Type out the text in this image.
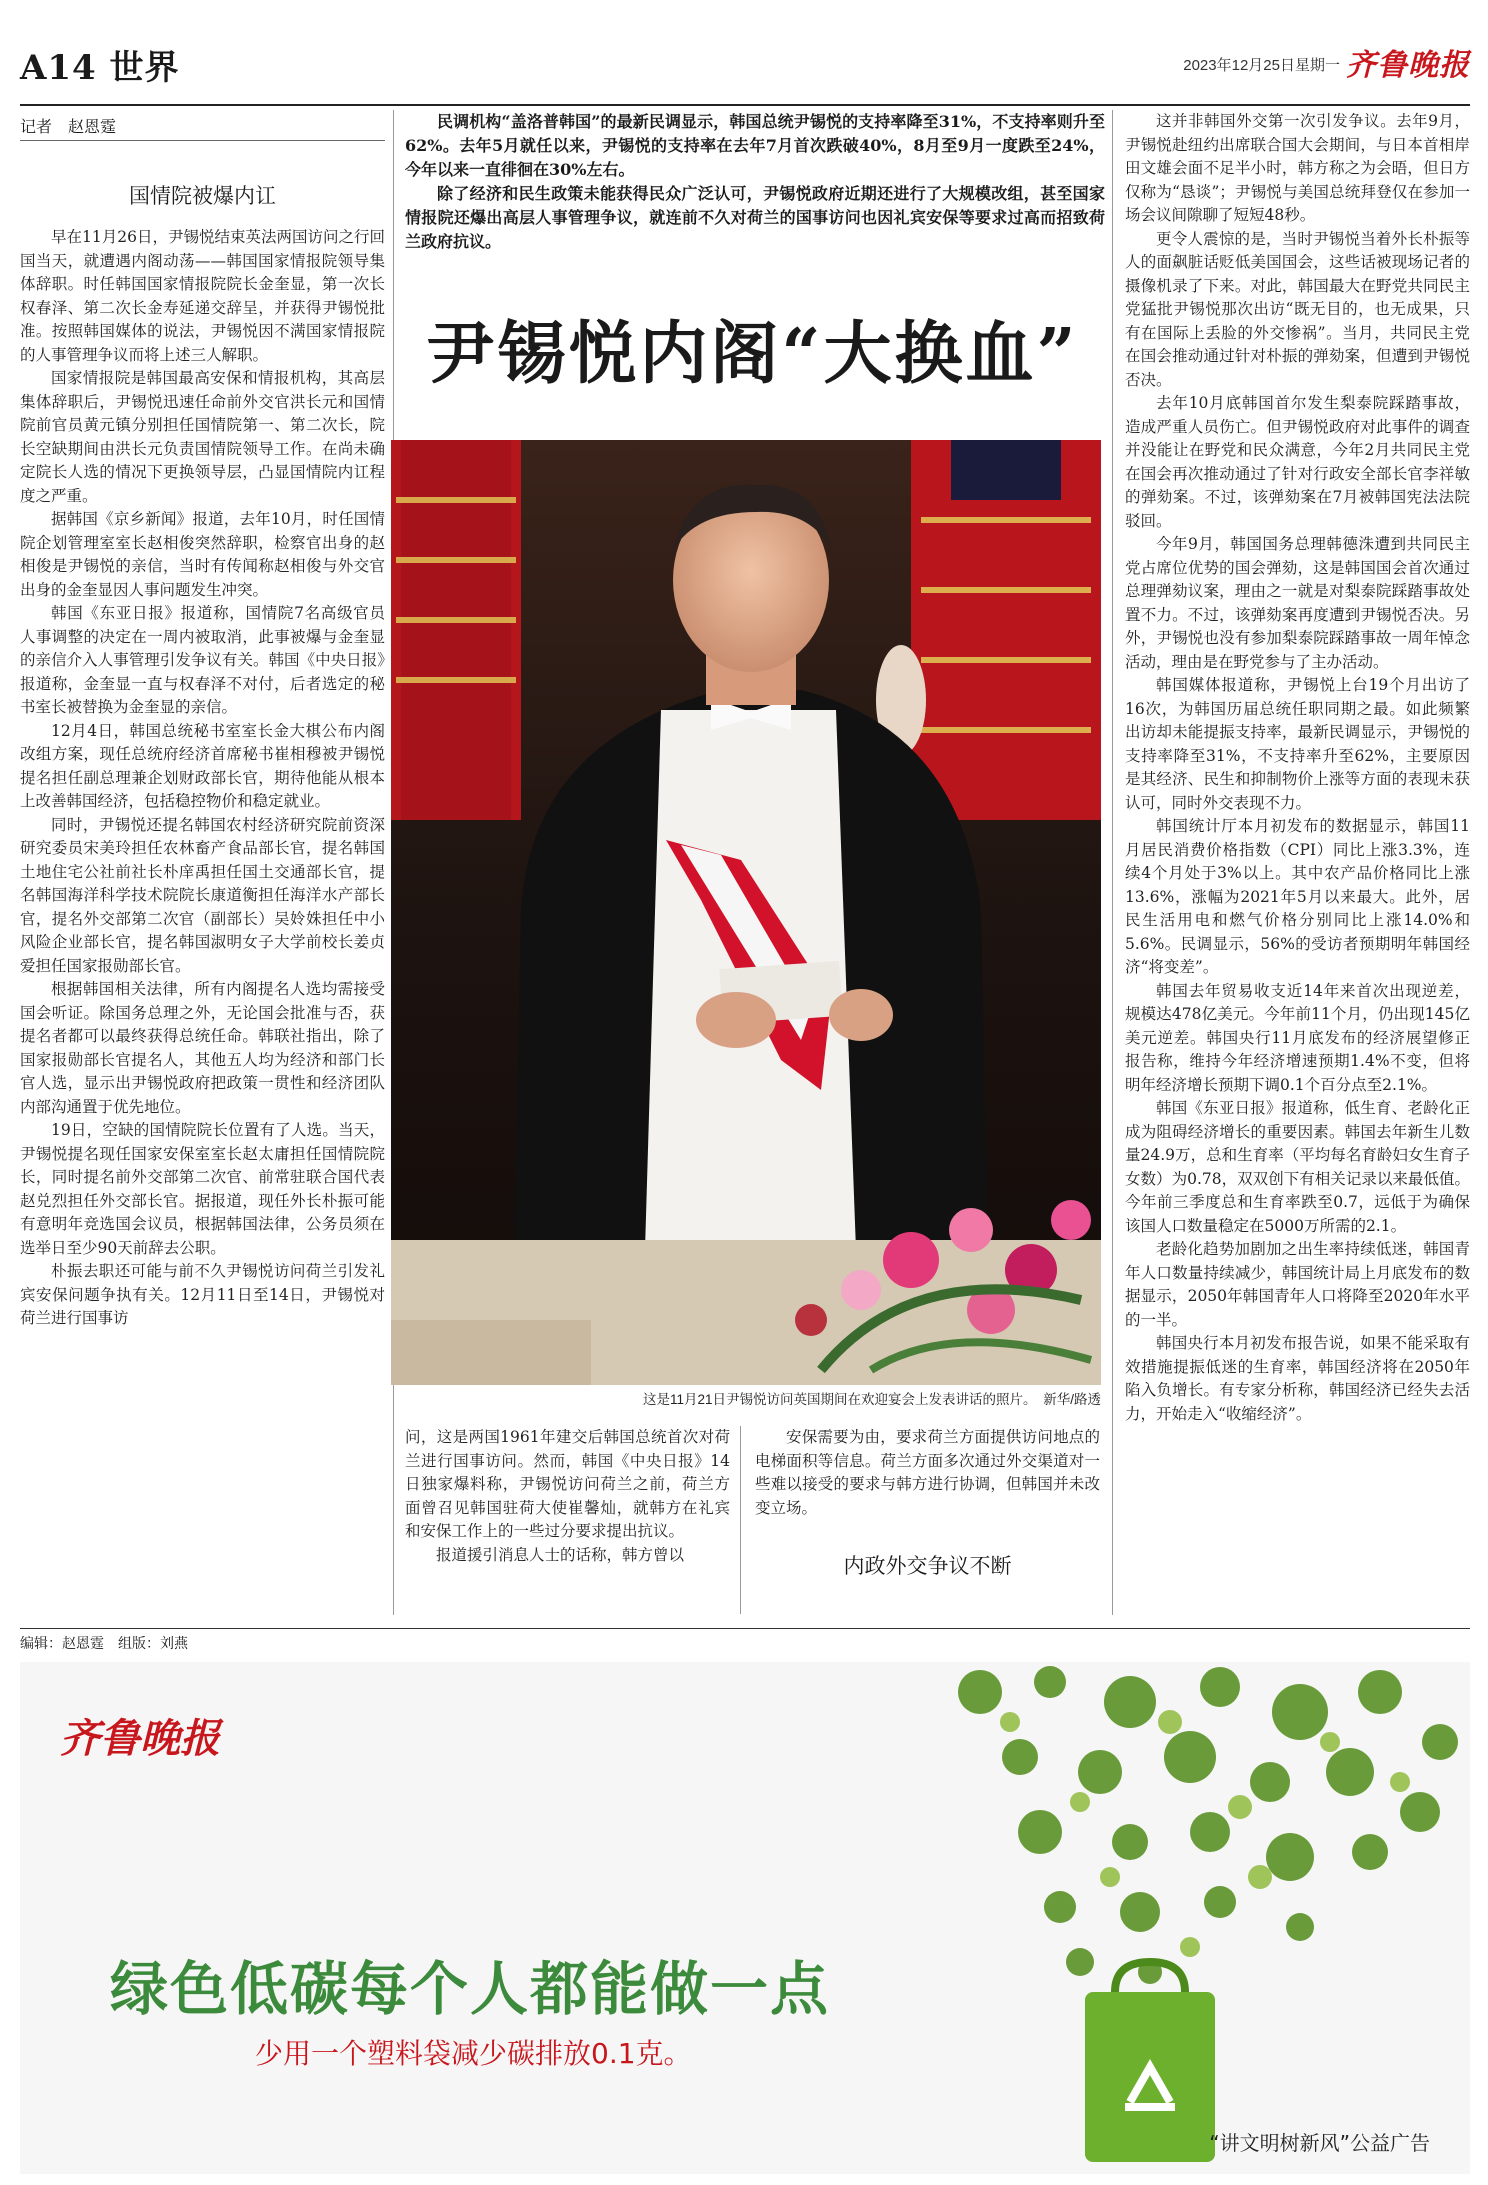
A14 世界	2023年12月25日 星期一 齐鲁晚报
记者　赵恩霆
国情院被爆内讧

早在11月26日，尹锡悦结束英法两国访问之行回国当天，就遭遇内阁动荡——韩国国家情报院领导集体辞职。时任韩国国家情报院院长金奎显，第一次长权春泽、第二次长金寿延递交辞呈，并获得尹锡悦批准。按照韩国媒体的说法，尹锡悦因不满国家情报院的人事管理争议而将上述三人解职。

国家情报院是韩国最高安保和情报机构，其高层集体辞职后，尹锡悦迅速任命前外交官洪长元和国情院前官员黄元镇分别担任国情院第一、第二次长，院长空缺期间由洪长元负责国情院领导工作。在尚未确定院长人选的情况下更换领导层，凸显国情院内讧程度之严重。

据韩国《京乡新闻》报道，去年10月，时任国情院企划管理室室长赵相俊突然辞职，检察官出身的赵相俊是尹锡悦的亲信，当时有传闻称赵相俊与外交官出身的金奎显因人事问题发生冲突。

韩国《东亚日报》报道称，国情院7名高级官员人事调整的决定在一周内被取消，此事被爆与金奎显的亲信介入人事管理引发争议有关。韩国《中央日报》报道称，金奎显一直与权春泽不对付，后者选定的秘书室长被替换为金奎显的亲信。

12月4日，韩国总统秘书室室长金大棋公布内阁改组方案，现任总统府经济首席秘书崔相穆被尹锡悦提名担任副总理兼企划财政部长官，期待他能从根本上改善韩国经济，包括稳控物价和稳定就业。

同时，尹锡悦还提名韩国农村经济研究院前资深研究委员宋美玲担任农林畜产食品部长官，提名韩国土地住宅公社前社长朴庠禹担任国土交通部长官，提名韩国海洋科学技术院院长康道衡担任海洋水产部长官，提名外交部第二次官（副部长）吴姈姝担任中小风险企业部长官，提名韩国淑明女子大学前校长姜贞爱担任国家报勋部长官。

根据韩国相关法律，所有内阁提名人选均需接受国会听证。除国务总理之外，无论国会批准与否，获提名者都可以最终获得总统任命。韩联社指出，除了国家报勋部长官提名人，其他五人均为经济和部门长官人选，显示出尹锡悦政府把政策一贯性和经济团队内部沟通置于优先地位。

19日，空缺的国情院院长位置有了人选。当天，尹锡悦提名现任国家安保室室长赵太庸担任国情院院长，同时提名前外交部第二次官、前常驻联合国代表赵兑烈担任外交部长官。据报道，现任外长朴振可能有意明年竞选国会议员，根据韩国法律，公务员须在选举日至少90天前辞去公职。

朴振去职还可能与前不久尹锡悦访问荷兰引发礼宾安保问题争执有关。12月11日至14日，尹锡悦对荷兰进行国事访

民调机构“盖洛普韩国”的最新民调显示，韩国总统尹锡悦的支持率降至31%，不支持率则升至62%。去年5月就任以来，尹锡悦的支持率在去年7月首次跌破40%，8月至9月一度跌至24%，今年以来一直徘徊在30%左右。

除了经济和民生政策未能获得民众广泛认可，尹锡悦政府近期还进行了大规模改组，甚至国家情报院还爆出高层人事管理争议，就连前不久对荷兰的国事访问也因礼宾安保等要求过高而招致荷兰政府抗议。

尹锡悦内阁“大换血”
这是11月21日尹锡悦访问英国期间在欢迎宴会上发表讲话的照片。　新华/路透

问，这是两国1961年建交后韩国总统首次对荷兰进行国事访问。然而，韩国《中央日报》14日独家爆料称，尹锡悦访问荷兰之前，荷兰方面曾召见韩国驻荷大使崔馨灿，就韩方在礼宾和安保工作上的一些过分要求提出抗议。

报道援引消息人士的话称，韩方曾以

安保需要为由，要求荷兰方面提供访问地点的电梯面积等信息。荷兰方面多次通过外交渠道对一些难以接受的要求与韩方进行协调，但韩国并未改变立场。

内政外交争议不断

这并非韩国外交第一次引发争议。去年9月，尹锡悦赴纽约出席联合国大会期间，与日本首相岸田文雄会面不足半小时，韩方称之为会晤，但日方仅称为“恳谈”；尹锡悦与美国总统拜登仅在参加一场会议间隙聊了短短48秒。

更令人震惊的是，当时尹锡悦当着外长朴振等人的面飙脏话贬低美国国会，这些话被现场记者的摄像机录了下来。对此，韩国最大在野党共同民主党猛批尹锡悦那次出访“既无目的，也无成果，只有在国际上丢脸的外交惨祸”。当月，共同民主党在国会推动通过针对朴振的弹劾案，但遭到尹锡悦否决。

去年10月底韩国首尔发生梨泰院踩踏事故，造成严重人员伤亡。但尹锡悦政府对此事件的调查并没能让在野党和民众满意，今年2月共同民主党在国会再次推动通过了针对行政安全部长官李祥敏的弹劾案。不过，该弹劾案在7月被韩国宪法法院驳回。

今年9月，韩国国务总理韩德洙遭到共同民主党占席位优势的国会弹劾，这是韩国国会首次通过总理弹劾议案，理由之一就是对梨泰院踩踏事故处置不力。不过，该弹劾案再度遭到尹锡悦否决。另外，尹锡悦也没有参加梨泰院踩踏事故一周年悼念活动，理由是在野党参与了主办活动。

韩国媒体报道称，尹锡悦上台19个月出访了16次，为韩国历届总统任职同期之最。如此频繁出访却未能提振支持率，最新民调显示，尹锡悦的支持率降至31%，不支持率升至62%，主要原因是其经济、民生和抑制物价上涨等方面的表现未获认可，同时外交表现不力。

韩国统计厅本月初发布的数据显示，韩国11月居民消费价格指数（CPI）同比上涨3.3%，连续4个月处于3%以上。其中农产品价格同比上涨13.6%，涨幅为2021年5月以来最大。此外，居民生活用电和燃气价格分别同比上涨14.0%和5.6%。民调显示，56%的受访者预期明年韩国经济“将变差”。

韩国去年贸易收支近14年来首次出现逆差，规模达478亿美元。今年前11个月，仍出现145亿美元逆差。韩国央行11月底发布的经济展望修正报告称，维持今年经济增速预期1.4%不变，但将明年经济增长预期下调0.1个百分点至2.1%。

韩国《东亚日报》报道称，低生育、老龄化正成为阻碍经济增长的重要因素。韩国去年新生儿数量24.9万，总和生育率（平均每名育龄妇女生育子女数）为0.78，双双创下有相关记录以来最低值。今年前三季度总和生育率跌至0.7，远低于为确保该国人口数量稳定在5000万所需的2.1。

老龄化趋势加剧加之出生率持续低迷，韩国青年人口数量持续减少，韩国统计局上月底发布的数据显示，2050年韩国青年人口将降至2020年水平的一半。

韩国央行本月初发布报告说，如果不能采取有效措施提振低迷的生育率，韩国经济将在2050年陷入负增长。有专家分析称，韩国经济已经失去活力，开始走入“收缩经济”。

编辑：赵恩霆　组版：刘燕
齐鲁晚报
绿色低碳每个人都能做一点
少用一个塑料袋减少碳排放0.1克。
“讲文明树新风”公益广告
